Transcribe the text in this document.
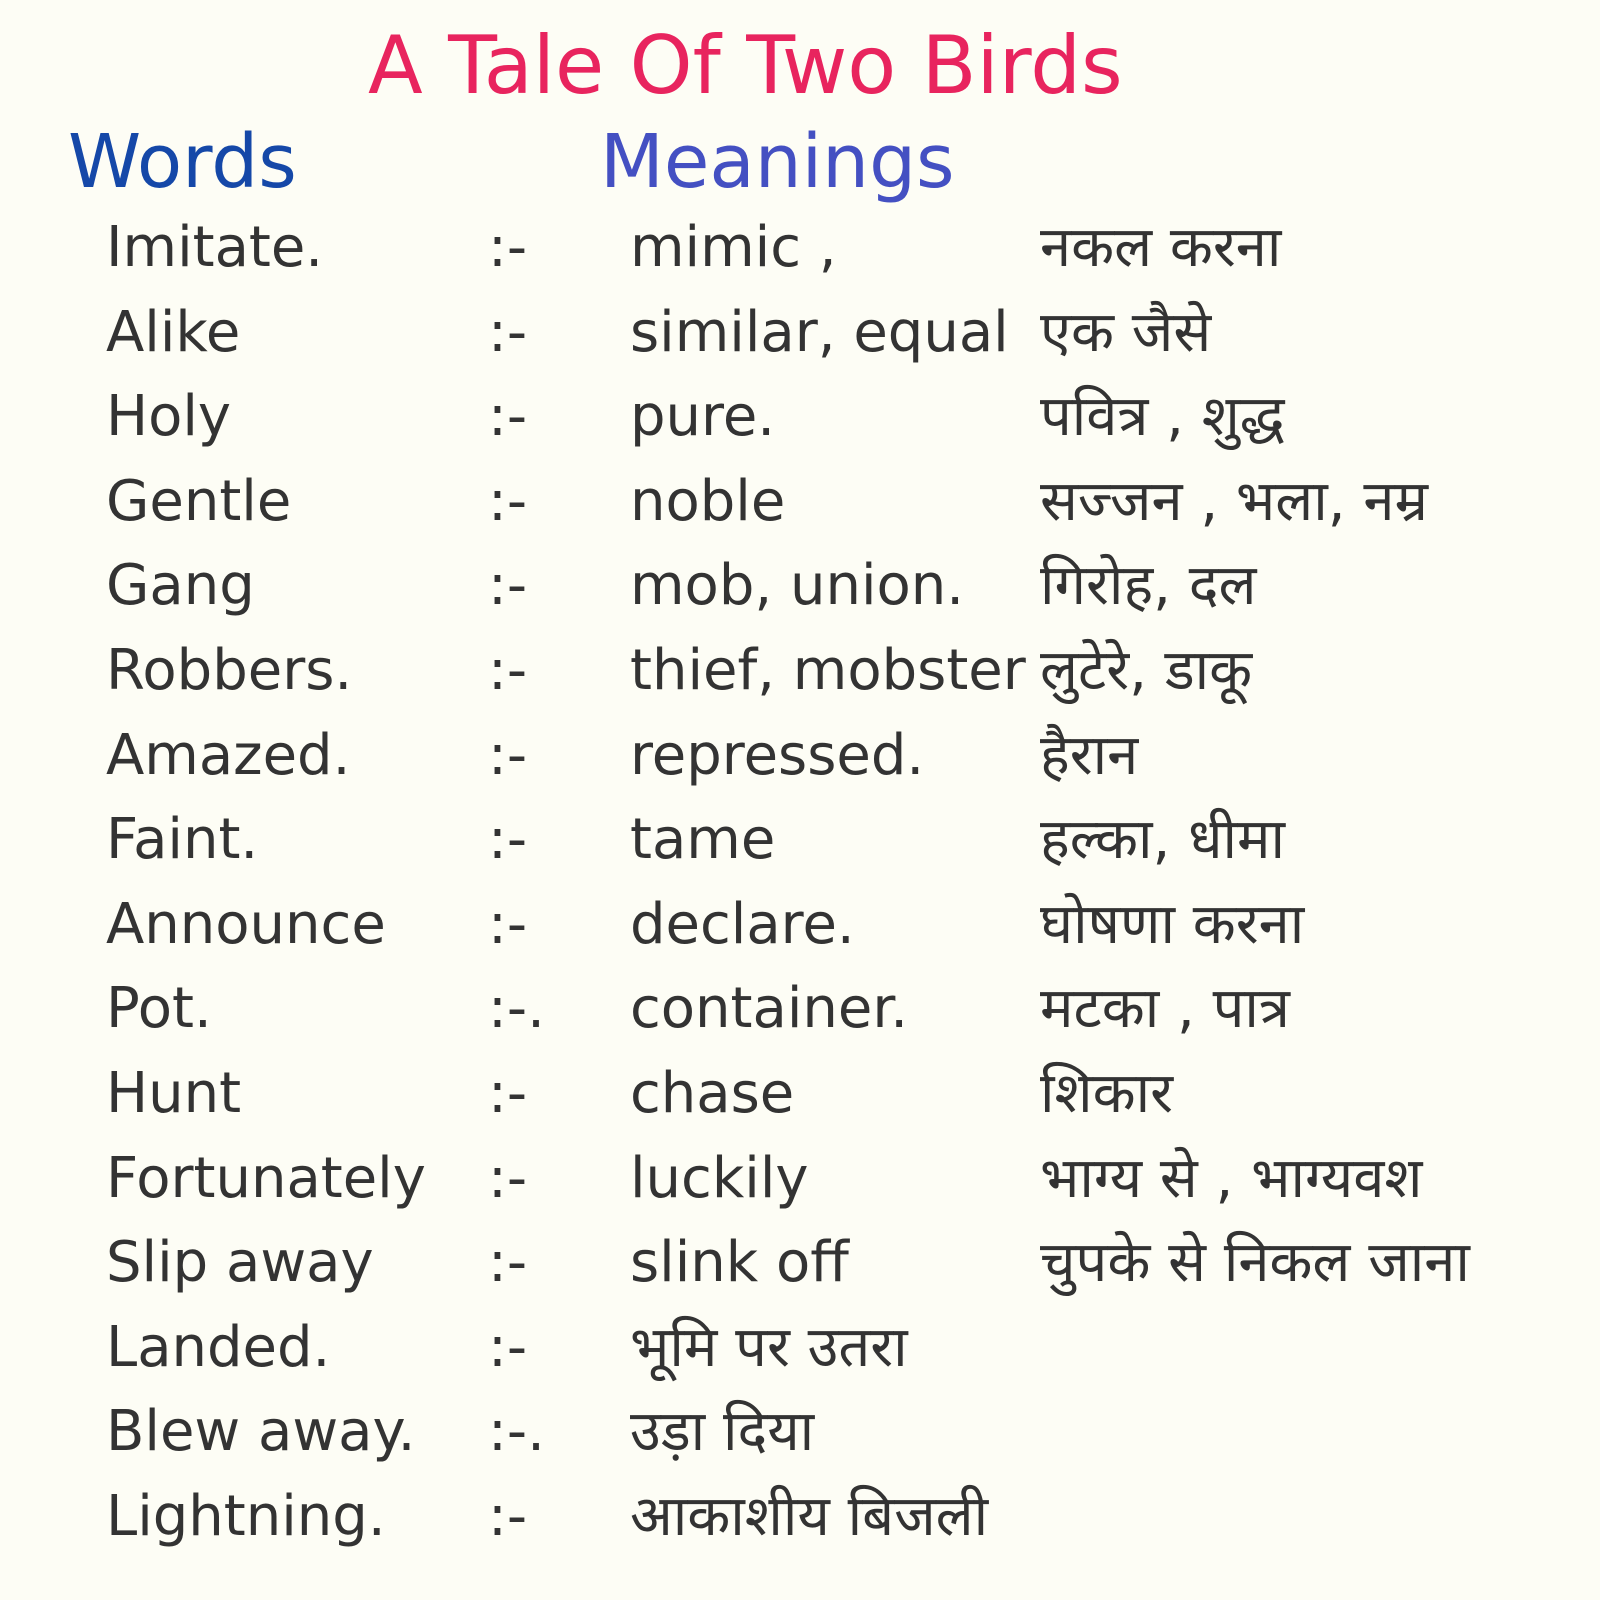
A Tale Of Two Birds
Words	Meanings
Imitate.	:- mimic ,	नकल करना
Alike	:- similar, equal एक जैसे
Holy	:- pure.	पवित्र , शुद्ध
Gentle	:- noble	सज्जन , भला, नम्र
Gang	:- mob, union. गिरोह, दल
Robbers. :- thief, mobster लुटेरे, डाकू
Amazed. :- repressed. हैरान
Faint.	:- tame	हल्का, धीमा
Announce :- declare.	घोषणा करना
Pot.	:-. container. मटका , पात्र
Hunt	:- chase	शिकार
Fortunately :- luckily	भाग्य से , भाग्यवश
Slip away :- slink off	चुपके से निकल जाना
Landed.	:- भूमि पर उतरा
Blew away. :-. उड़ा दिया
Lightning. :- आकाशीय बिजली
